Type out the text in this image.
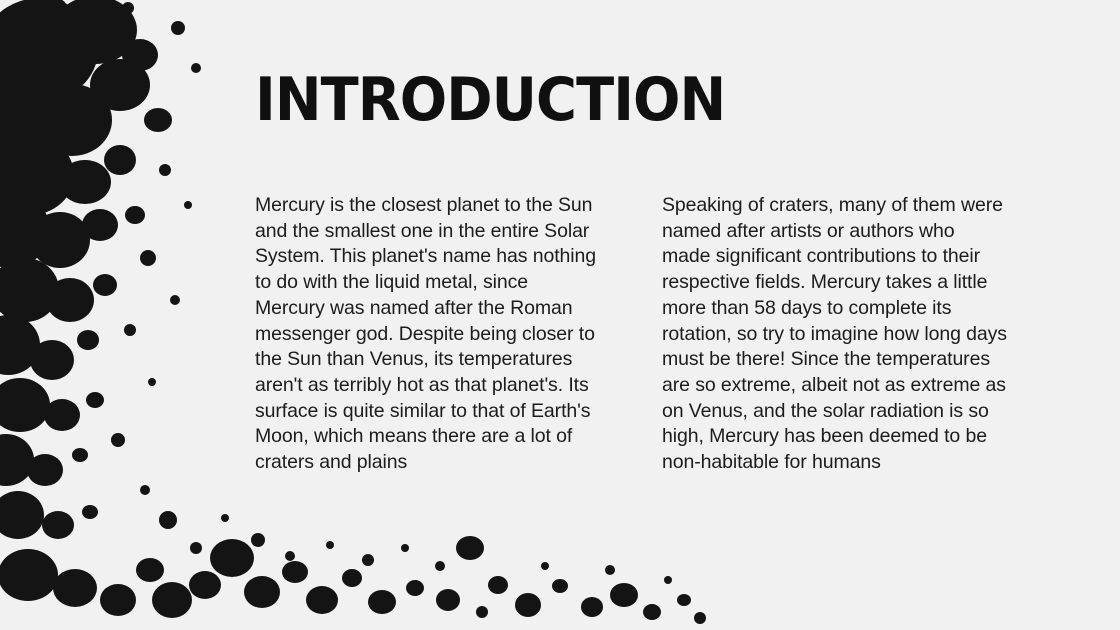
INTRODUCTION

Mercury is the closest planet to the Sun and the smallest one in the entire Solar System. This planet's name has nothing to do with the liquid metal, since Mercury was named after the Roman messenger god. Despite being closer to the Sun than Venus, its temperatures aren't as terribly hot as that planet's. Its surface is quite similar to that of Earth's Moon, which means there are a lot of craters and plains

Speaking of craters, many of them were named after artists or authors who made significant contributions to their respective fields. Mercury takes a little more than 58 days to complete its rotation, so try to imagine how long days must be there! Since the temperatures are so extreme, albeit not as extreme as on Venus, and the solar radiation is so high, Mercury has been deemed to be non-habitable for humans
